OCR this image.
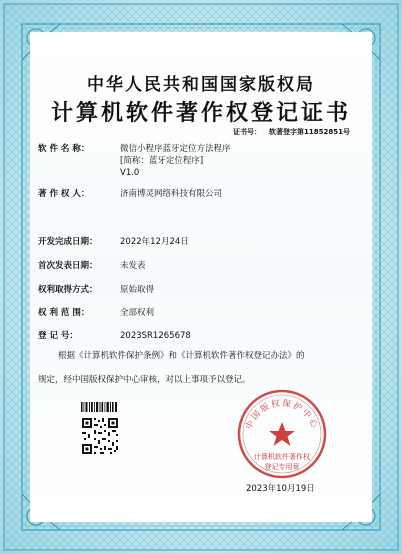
中华人民共和国国家版权局
计算机软件著作权登记证书
证书号： 软著登字第11852851号
软 件 名 称：	微信小程序蓝牙定位方法程序
[简称：蓝牙定位程序]
V1.0
著 作 权 人：	济南博灵网络科技有限公司
开发完成日期：	2022年12月24日
首次发表日期：	未发表
权利取得方式：	原始取得
权 利 范 围：	全部权利
登 记 号：	2023SR1265678
根据《计算机软件保护条例》和《计算机软件著作权登记办法》的
规定，经中国版权保护中心审核，对以上事项予以登记。
中国版权保护中心
计算机软件著作权
登记专用章
2023年10月19日
